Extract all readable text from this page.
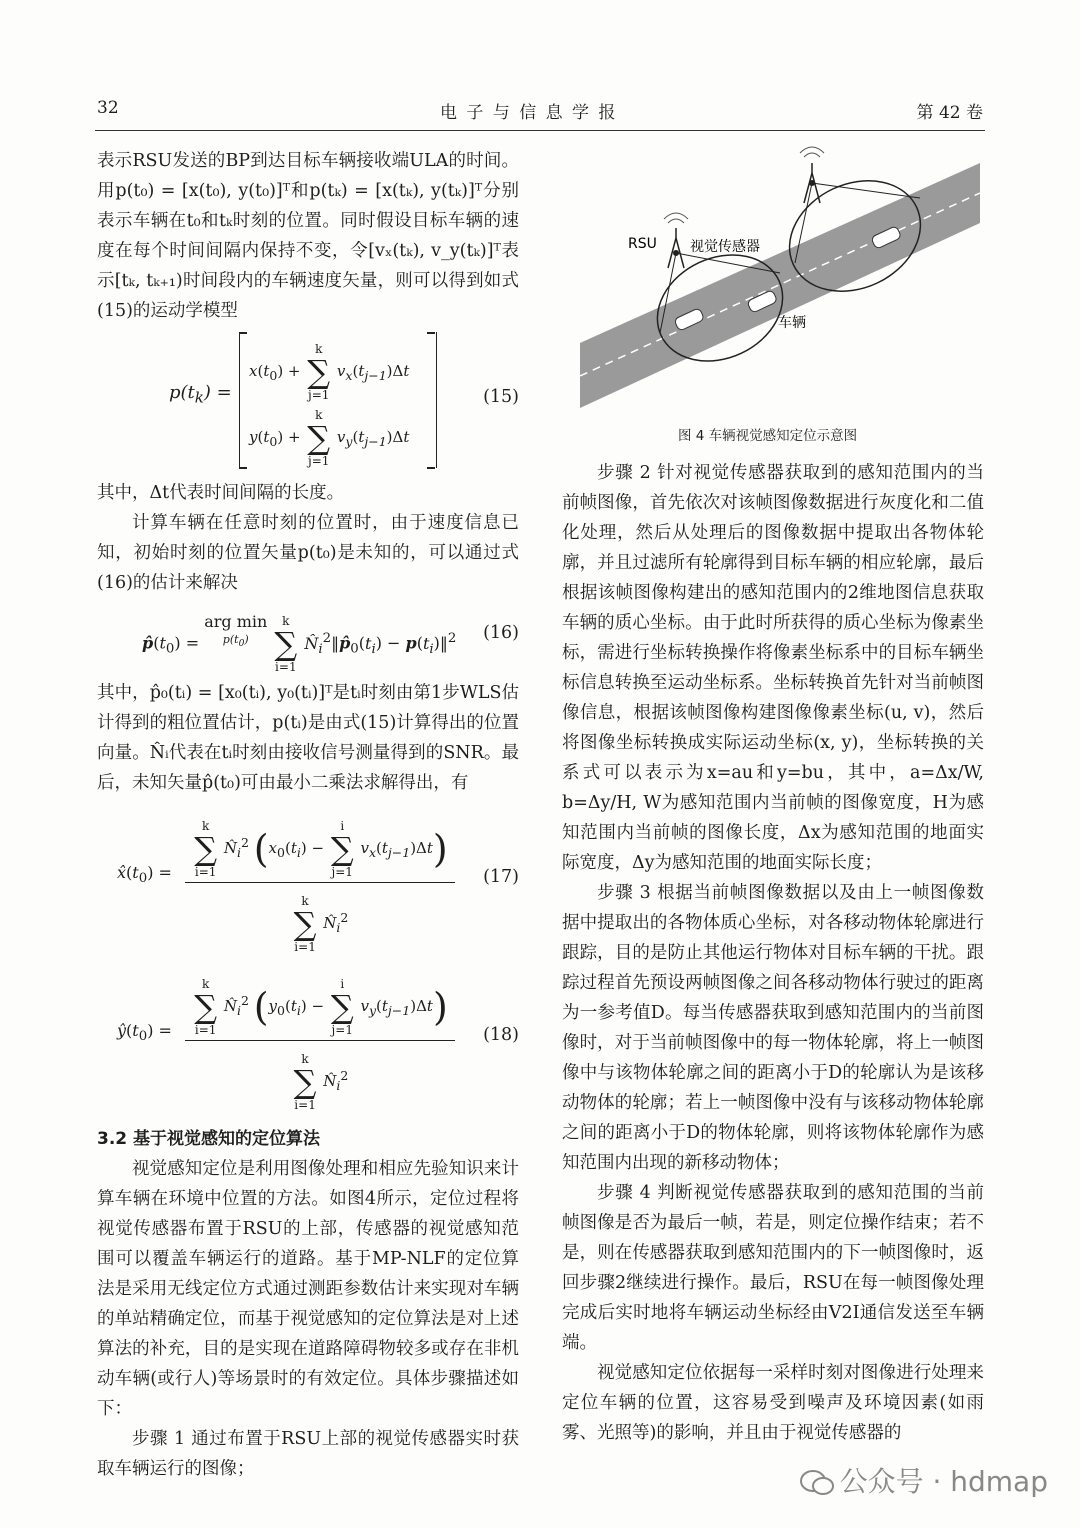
32	电 子 与 信 息 学 报	第 42 卷

表示RSU发送的BP到达目标车辆接收端ULA的时间。用p(t₀) = [x(t₀), y(t₀)]ᵀ和p(tₖ) = [x(tₖ), y(tₖ)]ᵀ分别表示车辆在t₀和tₖ时刻的位置。同时假设目标车辆的速度在每个时间间隔内保持不变，令[vₓ(tₖ), v_y(tₖ)]ᵀ表示[tₖ, tₖ₊₁)时间段内的车辆速度矢量，则可以得到如式(15)的运动学模型

$p(t_k)$ =
$x(t_0) + k$
∑
j=1 $v_x(t_{j-1})\Delta t$
$y(t_0) + k$
∑
j=1 $v_y(t_{j-1})\Delta t$
(15)

其中，Δt代表时间间隔的长度。

计算车辆在任意时刻的位置时，由于速度信息已知，初始时刻的位置矢量p(t₀)是未知的，可以通过式(16)的估计来解决

$p̂(t_0)$ = arg min
$p(t_0)$ k
∑
i=1 $N̂_i^2‖p̂_0(t_i)$ − $p(t_i)‖^2$ (16)

其中，p̂₀(tᵢ) = [x₀(tᵢ), y₀(tᵢ)]ᵀ是tᵢ时刻由第1步WLS估计得到的粗位置估计，p(tᵢ)是由式(15)计算得出的位置向量。N̂ᵢ代表在tᵢ时刻由接收信号测量得到的SNR。最后，未知矢量p̂(t₀)可由最小二乘法求解得出，有

$x̂(t_0)$ =
k
∑
i=1 $N̂_i^2$ ($x_0(t_i) - i$
∑
j=1 $v_x(t_{j-1})\Delta t$)
k
∑
i=1 $N̂_i^2$
(17)
$ŷ(t_0)$ =
k
∑
i=1 $N̂_i^2$ ($y_0(t_i) - i$
∑
j=1 $v_y(t_{j-1})\Delta t$)
k
∑
i=1 $N̂_i^2$
(18)

3.2 基于视觉感知的定位算法

视觉感知定位是利用图像处理和相应先验知识来计算车辆在环境中位置的方法。如图4所示，定位过程将视觉传感器布置于RSU的上部，传感器的视觉感知范围可以覆盖车辆运行的道路。基于MP-NLF的定位算法是采用无线定位方式通过测距参数估计来实现对车辆的单站精确定位，而基于视觉感知的定位算法是对上述算法的补充，目的是实现在道路障碍物较多或存在非机动车辆(或行人)等场景时的有效定位。具体步骤描述如下：

步骤 1 通过布置于RSU上部的视觉传感器实时获取车辆运行的图像；

RSU 视觉传感器
车辆
图 4 车辆视觉感知定位示意图

步骤 2 针对视觉传感器获取到的感知范围内的当前帧图像，首先依次对该帧图像数据进行灰度化和二值化处理，然后从处理后的图像数据中提取出各物体轮廓，并且过滤所有轮廓得到目标车辆的相应轮廓，最后根据该帧图像构建出的感知范围内的2维地图信息获取车辆的质心坐标。由于此时所获得的质心坐标为像素坐标，需进行坐标转换操作将像素坐标系中的目标车辆坐标信息转换至运动坐标系。坐标转换首先针对当前帧图像信息，根据该帧图像构建图像像素坐标(u, v)，然后将图像坐标转换成实际运动坐标(x, y)，坐标转换的关系式可以表示为x=au和y=bu，其中，a=Δx/W, b=Δy/H, W为感知范围内当前帧的图像宽度，H为感知范围内当前帧的图像长度，Δx为感知范围的地面实际宽度，Δy为感知范围的地面实际长度；

步骤 3 根据当前帧图像数据以及由上一帧图像数据中提取出的各物体质心坐标，对各移动物体轮廓进行跟踪，目的是防止其他运行物体对目标车辆的干扰。跟踪过程首先预设两帧图像之间各移动物体行驶过的距离为一参考值D。每当传感器获取到感知范围内的当前图像时，对于当前帧图像中的每一物体轮廓，将上一帧图像中与该物体轮廓之间的距离小于D的轮廓认为是该移动物体的轮廓；若上一帧图像中没有与该移动物体轮廓之间的距离小于D的物体轮廓，则将该物体轮廓作为感知范围内出现的新移动物体；

步骤 4 判断视觉传感器获取到的感知范围的当前帧图像是否为最后一帧，若是，则定位操作结束；若不是，则在传感器获取到感知范围内的下一帧图像时，返回步骤2继续进行操作。最后，RSU在每一帧图像处理完成后实时地将车辆运动坐标经由V2I通信发送至车辆端。

视觉感知定位依据每一采样时刻对图像进行处理来定位车辆的位置，这容易受到噪声及环境因素(如雨雾、光照等)的影响，并且由于视觉传感器的

公众号 · hdmap
